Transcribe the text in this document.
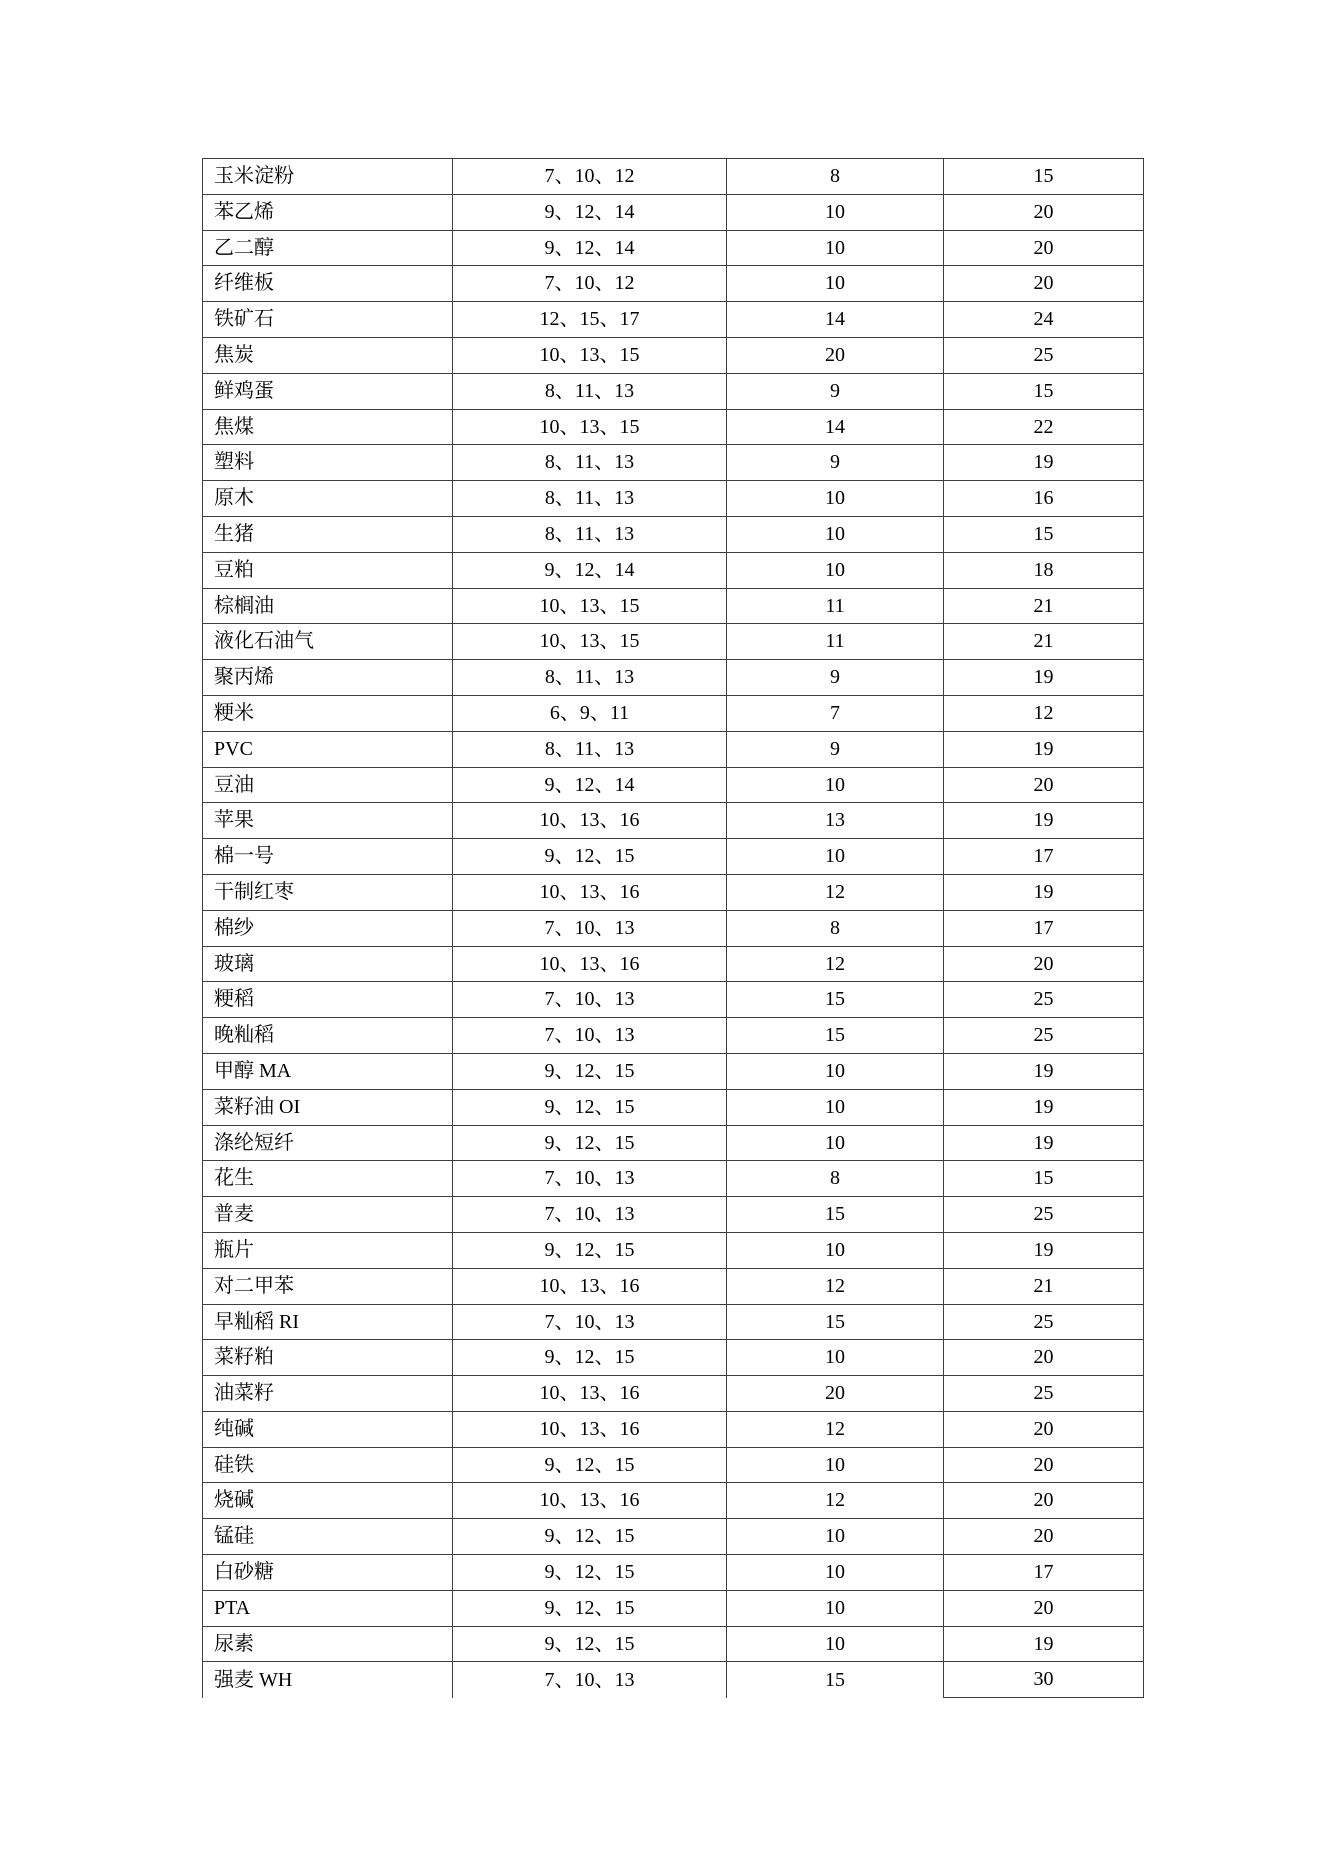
玉米淀粉	7、10、12	8	15
苯乙烯	9、12、14	10	20
乙二醇	9、12、14	10	20
纤维板	7、10、12	10	20
铁矿石	12、15、17	14	24
焦炭	10、13、15	20	25
鲜鸡蛋	8、11、13	9	15
焦煤	10、13、15	14	22
塑料	8、11、13	9	19
原木	8、11、13	10	16
生猪	8、11、13	10	15
豆粕	9、12、14	10	18
棕榈油	10、13、15	11	21
液化石油气	10、13、15	11	21
聚丙烯	8、11、13	9	19
粳米	6、9、11	7	12
PVC	8、11、13	9	19
豆油	9、12、14	10	20
苹果	10、13、16	13	19
棉一号	9、12、15	10	17
干制红枣	10、13、16	12	19
棉纱	7、10、13	8	17
玻璃	10、13、16	12	20
粳稻	7、10、13	15	25
晚籼稻	7、10、13	15	25
甲醇 MA	9、12、15	10	19
菜籽油 OI	9、12、15	10	19
涤纶短纤	9、12、15	10	19
花生	7、10、13	8	15
普麦	7、10、13	15	25
瓶片	9、12、15	10	19
对二甲苯	10、13、16	12	21
早籼稻 RI	7、10、13	15	25
菜籽粕	9、12、15	10	20
油菜籽	10、13、16	20	25
纯碱	10、13、16	12	20
硅铁	9、12、15	10	20
烧碱	10、13、16	12	20
锰硅	9、12、15	10	20
白砂糖	9、12、15	10	17
PTA	9、12、15	10	20
尿素	9、12、15	10	19
强麦 WH	7、10、13	15	30
